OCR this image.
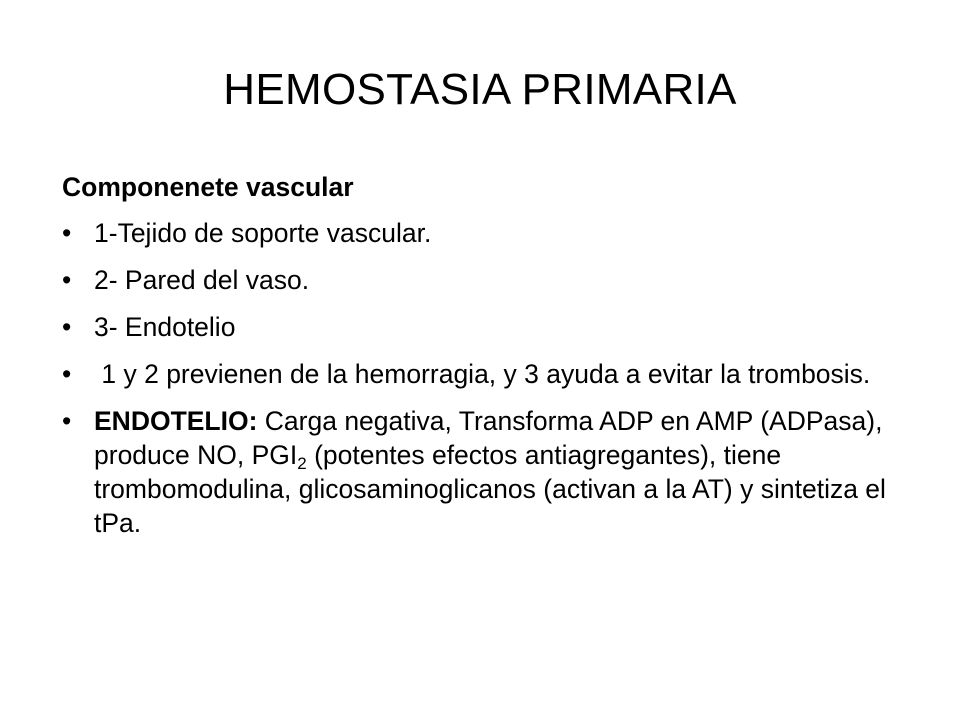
HEMOSTASIA PRIMARIA
Componenete vascular
• 1-Tejido de soporte vascular.
• 2- Pared del vaso.
• 3- Endotelio
• 1 y 2 previenen de la hemorragia, y 3 ayuda a evitar la trombosis.
• ENDOTELIO: Carga negativa, Transforma ADP en AMP (ADPasa), produce NO, $PGI_2$ (potentes efectos antiagregantes), tiene trombomodulina, glicosaminoglicanos (activan a la AT) y sintetiza el tPa.
